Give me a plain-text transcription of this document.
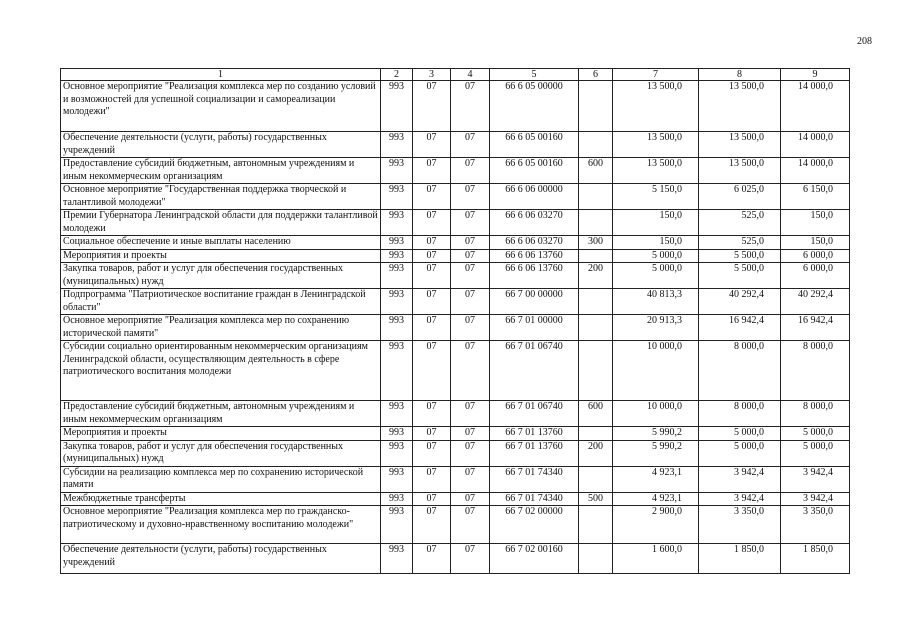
208
1	2	3	4	5	6	7	8	9
Основное мероприятие "Реализация комплекса мер по созданию условий и возможностей для успешной социализации и самореализации молодежи"	993	07	07	66 6 05 00000		13 500,0	13 500,0	14 000,0
Обеспечение деятельности (услуги, работы) государственных учреждений	993	07	07	66 6 05 00160		13 500,0	13 500,0	14 000,0
Предоставление субсидий бюджетным, автономным учреждениям и иным некоммерческим организациям	993	07	07	66 6 05 00160	600	13 500,0	13 500,0	14 000,0
Основное мероприятие "Государственная поддержка творческой и талантливой молодежи"	993	07	07	66 6 06 00000		5 150,0	6 025,0	6 150,0
Премии Губернатора Ленинградской области для поддержки талантливой молодежи	993	07	07	66 6 06 03270		150,0	525,0	150,0
Социальное обеспечение и иные выплаты населению	993	07	07	66 6 06 03270	300	150,0	525,0	150,0
Мероприятия и проекты	993	07	07	66 6 06 13760		5 000,0	5 500,0	6 000,0
Закупка товаров, работ и услуг для обеспечения государственных (муниципальных) нужд	993	07	07	66 6 06 13760	200	5 000,0	5 500,0	6 000,0
Подпрограмма "Патриотическое воспитание граждан в Ленинградской области"	993	07	07	66 7 00 00000		40 813,3	40 292,4	40 292,4
Основное мероприятие "Реализация комплекса мер по сохранению исторической памяти"	993	07	07	66 7 01 00000		20 913,3	16 942,4	16 942,4
Субсидии социально ориентированным некоммерческим организациям Ленинградской области, осуществляющим деятельность в сфере патриотического воспитания молодежи	993	07	07	66 7 01 06740		10 000,0	8 000,0	8 000,0
Предоставление субсидий бюджетным, автономным учреждениям и иным некоммерческим организациям	993	07	07	66 7 01 06740	600	10 000,0	8 000,0	8 000,0
Мероприятия и проекты	993	07	07	66 7 01 13760		5 990,2	5 000,0	5 000,0
Закупка товаров, работ и услуг для обеспечения государственных (муниципальных) нужд	993	07	07	66 7 01 13760	200	5 990,2	5 000,0	5 000,0
Субсидии на реализацию комплекса мер по сохранению исторической памяти	993	07	07	66 7 01 74340		4 923,1	3 942,4	3 942,4
Межбюджетные трансферты	993	07	07	66 7 01 74340	500	4 923,1	3 942,4	3 942,4
Основное мероприятие "Реализация комплекса мер по гражданско-патриотическому и духовно-нравственному воспитанию молодежи"	993	07	07	66 7 02 00000		2 900,0	3 350,0	3 350,0
Обеспечение деятельности (услуги, работы) государственных учреждений	993	07	07	66 7 02 00160		1 600,0	1 850,0	1 850,0
